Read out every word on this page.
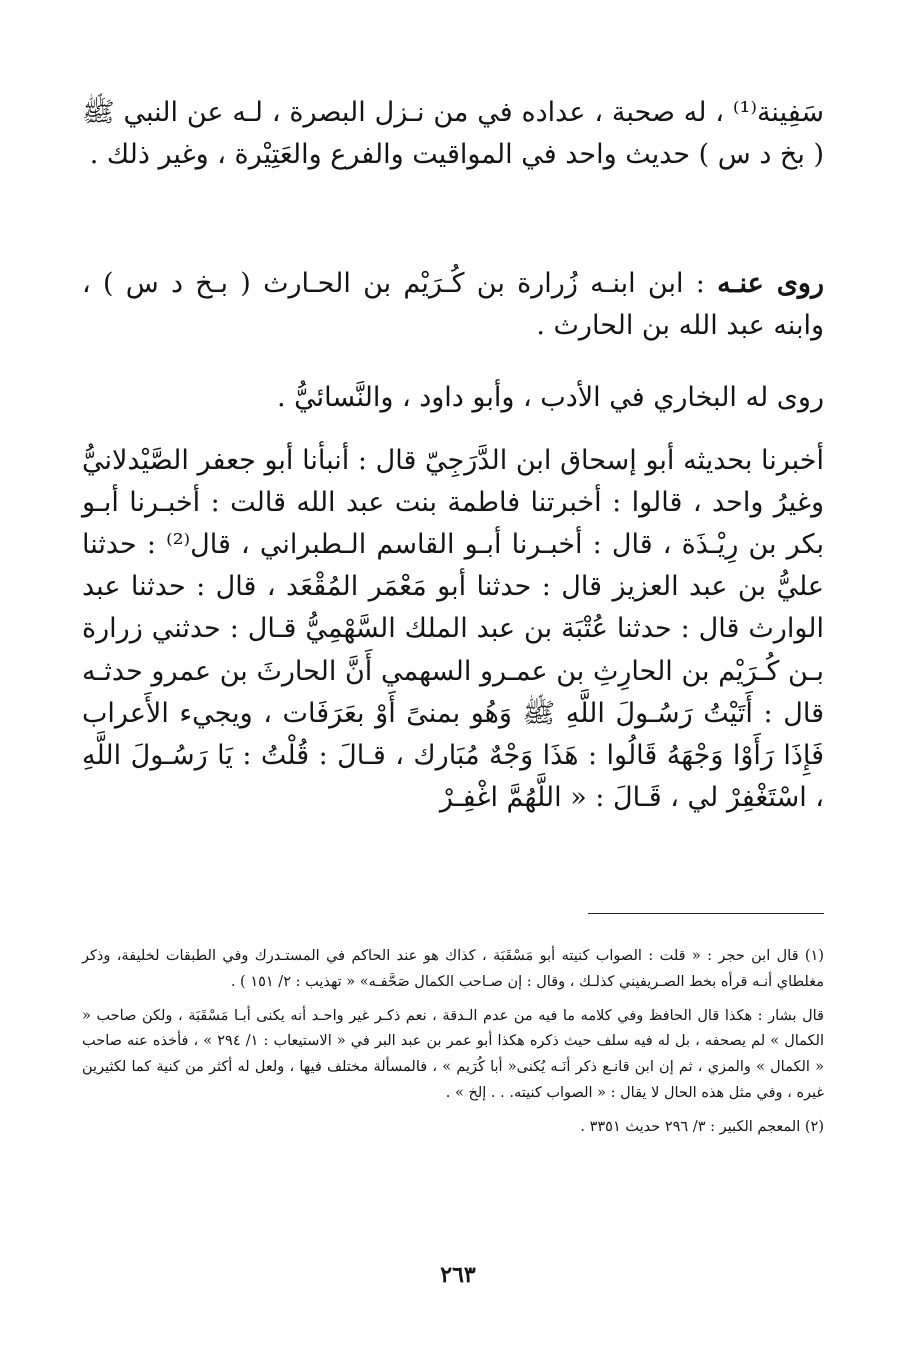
سَفِينة⁽¹⁾ ، له صحبة ، عداده في من نـزل البصرة ، لـه عن النبي ﷺ ( بخ د س ) حديث واحد في المواقيت والفرع والعَتِيْرة ، وغير ذلك .

روى عنـه : ابن ابنـه زُرارة بن كُـرَيْم بن الحـارث ( بـخ د س ) ، وابنه عبد الله بن الحارث .

روى له البخاري في الأدب ، وأبو داود ، والنَّسائيُّ .

أخبرنا بحديثه أبو إسحاق ابن الدَّرَجِيّ قال : أنبأنا أبو جعفر الصَّيْدلانيُّ وغيرُ واحد ، قالوا : أخبرتنا فاطمة بنت عبد الله قالت : أخبـرنا أبـو بكر بن رِيْـذَة ، قال : أخبـرنا أبـو القاسم الـطبراني ، قال⁽²⁾ : حدثنا عليُّ بن عبد العزيز قال : حدثنا أبو مَعْمَر المُقْعَد ، قال : حدثنا عبد الوارث قال : حدثنا عُتْبَة بن عبد الملك السَّهْمِيُّ قـال : حدثني زرارة بـن كُـرَيْم بن الحارِثِ بن عمـرو السهمي أَنَّ الحارثَ بن عمرو حدثـه قال : أَتَيْتُ رَسُـولَ اللَّهِ ﷺ وَهُو بمنىً أَوْ بعَرَفَات ، ويجيء الأَعراب فَإِذَا رَأَوْا وَجْهَهُ قَالُوا : هَذَا وَجْهٌ مُبَارك ، قـالَ : قُلْتُ : يَا رَسُـولَ اللَّهِ ، اسْتَغْفِرْ لي ، قَـالَ : « اللَّهُمَّ اغْفِـرْ

(١) قال ابن حجر : « قلت : الصواب كنيته أبو مَسْقَبَة ، كذاك هو عند الحاكم في المستـدرك وفي الطبقات لخليفة، وذكر مغلطاي أنـه قرأه بخط الصـريفيني كذلـك ، وقال : إن صـاحب الكمال صَحَّفـه» « تهذيب : ٢/ ١٥١ ) .

قال بشار : هكذا قال الحافظ وفي كلامه ما فيه من عدم الـدقة ، نعم ذكـر غير واحـد أنه يكنى أبـا مَسْقَبَة ، ولكن صاحب « الكمال » لم يصحفه ، بل له فيه سلف حيث ذكره هكذا أبو عمر بن عبد البر في « الاستيعاب : ١/ ٢٩٤ » ، فأخذه عنه صاحب « الكمال » والمزي ، ثم إن ابن قانـع ذكر أنَـه يُكنى« أبا كُرَيم » ، فالمسألة مختلف فيها ، ولعل له أكثر من كنية كما لكثيرين غيره ، وفي مثل هذه الحال لا يقال : « الصواب كنيته. . . إلخ » .

(٢) المعجم الكبير : ٣/ ٢٩٦ حديث ٣٣٥١ .

٢٦٣
